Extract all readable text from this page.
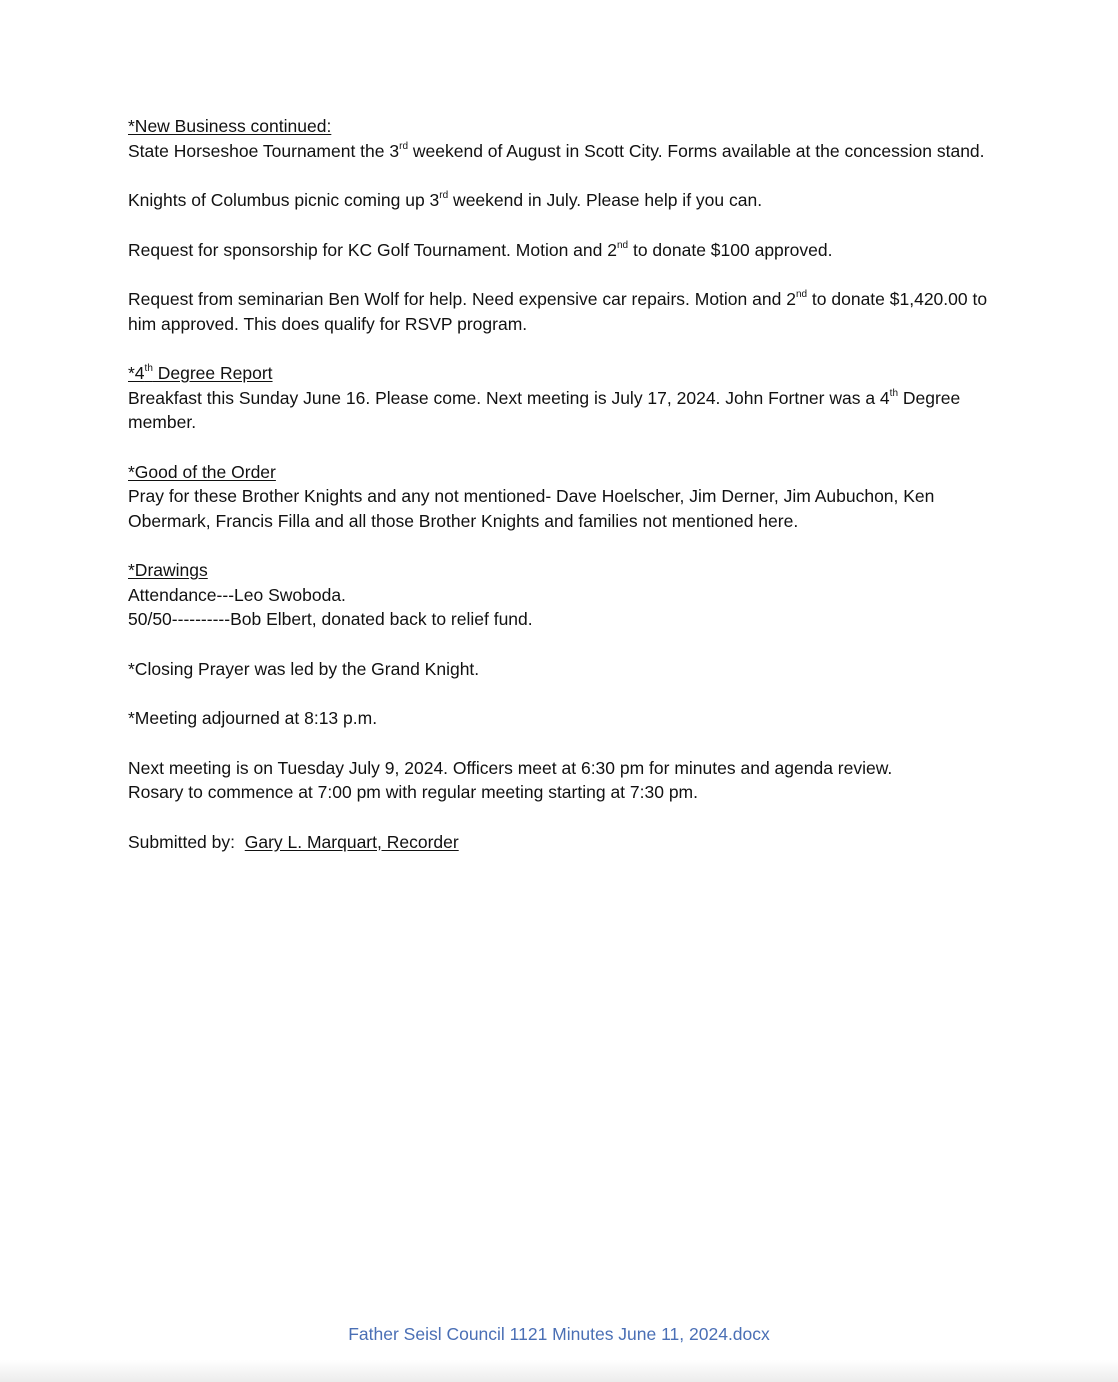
*New Business continued:

State Horseshoe Tournament the 3rd weekend of August in Scott City. Forms available at the concession stand.

Knights of Columbus picnic coming up 3rd weekend in July. Please help if you can.

Request for sponsorship for KC Golf Tournament. Motion and 2nd to donate $100 approved.

Request from seminarian Ben Wolf for help. Need expensive car repairs. Motion and 2nd to donate $1,420.00 to him approved. This does qualify for RSVP program.

*4th Degree Report

Breakfast this Sunday June 16. Please come. Next meeting is July 17, 2024. John Fortner was a 4th Degree member.

*Good of the Order

Pray for these Brother Knights and any not mentioned- Dave Hoelscher, Jim Derner, Jim Aubuchon, Ken Obermark, Francis Filla and all those Brother Knights and families not mentioned here.

*Drawings

Attendance---Leo Swoboda.

50/50----------Bob Elbert, donated back to relief fund.

*Closing Prayer was led by the Grand Knight.

*Meeting adjourned at 8:13 p.m.

Next meeting is on Tuesday July 9, 2024. Officers meet at 6:30 pm for minutes and agenda review.

Rosary to commence at 7:00 pm with regular meeting starting at 7:30 pm.

Submitted by:  Gary L. Marquart, Recorder

Father Seisl Council 1121 Minutes June 11, 2024.docx
